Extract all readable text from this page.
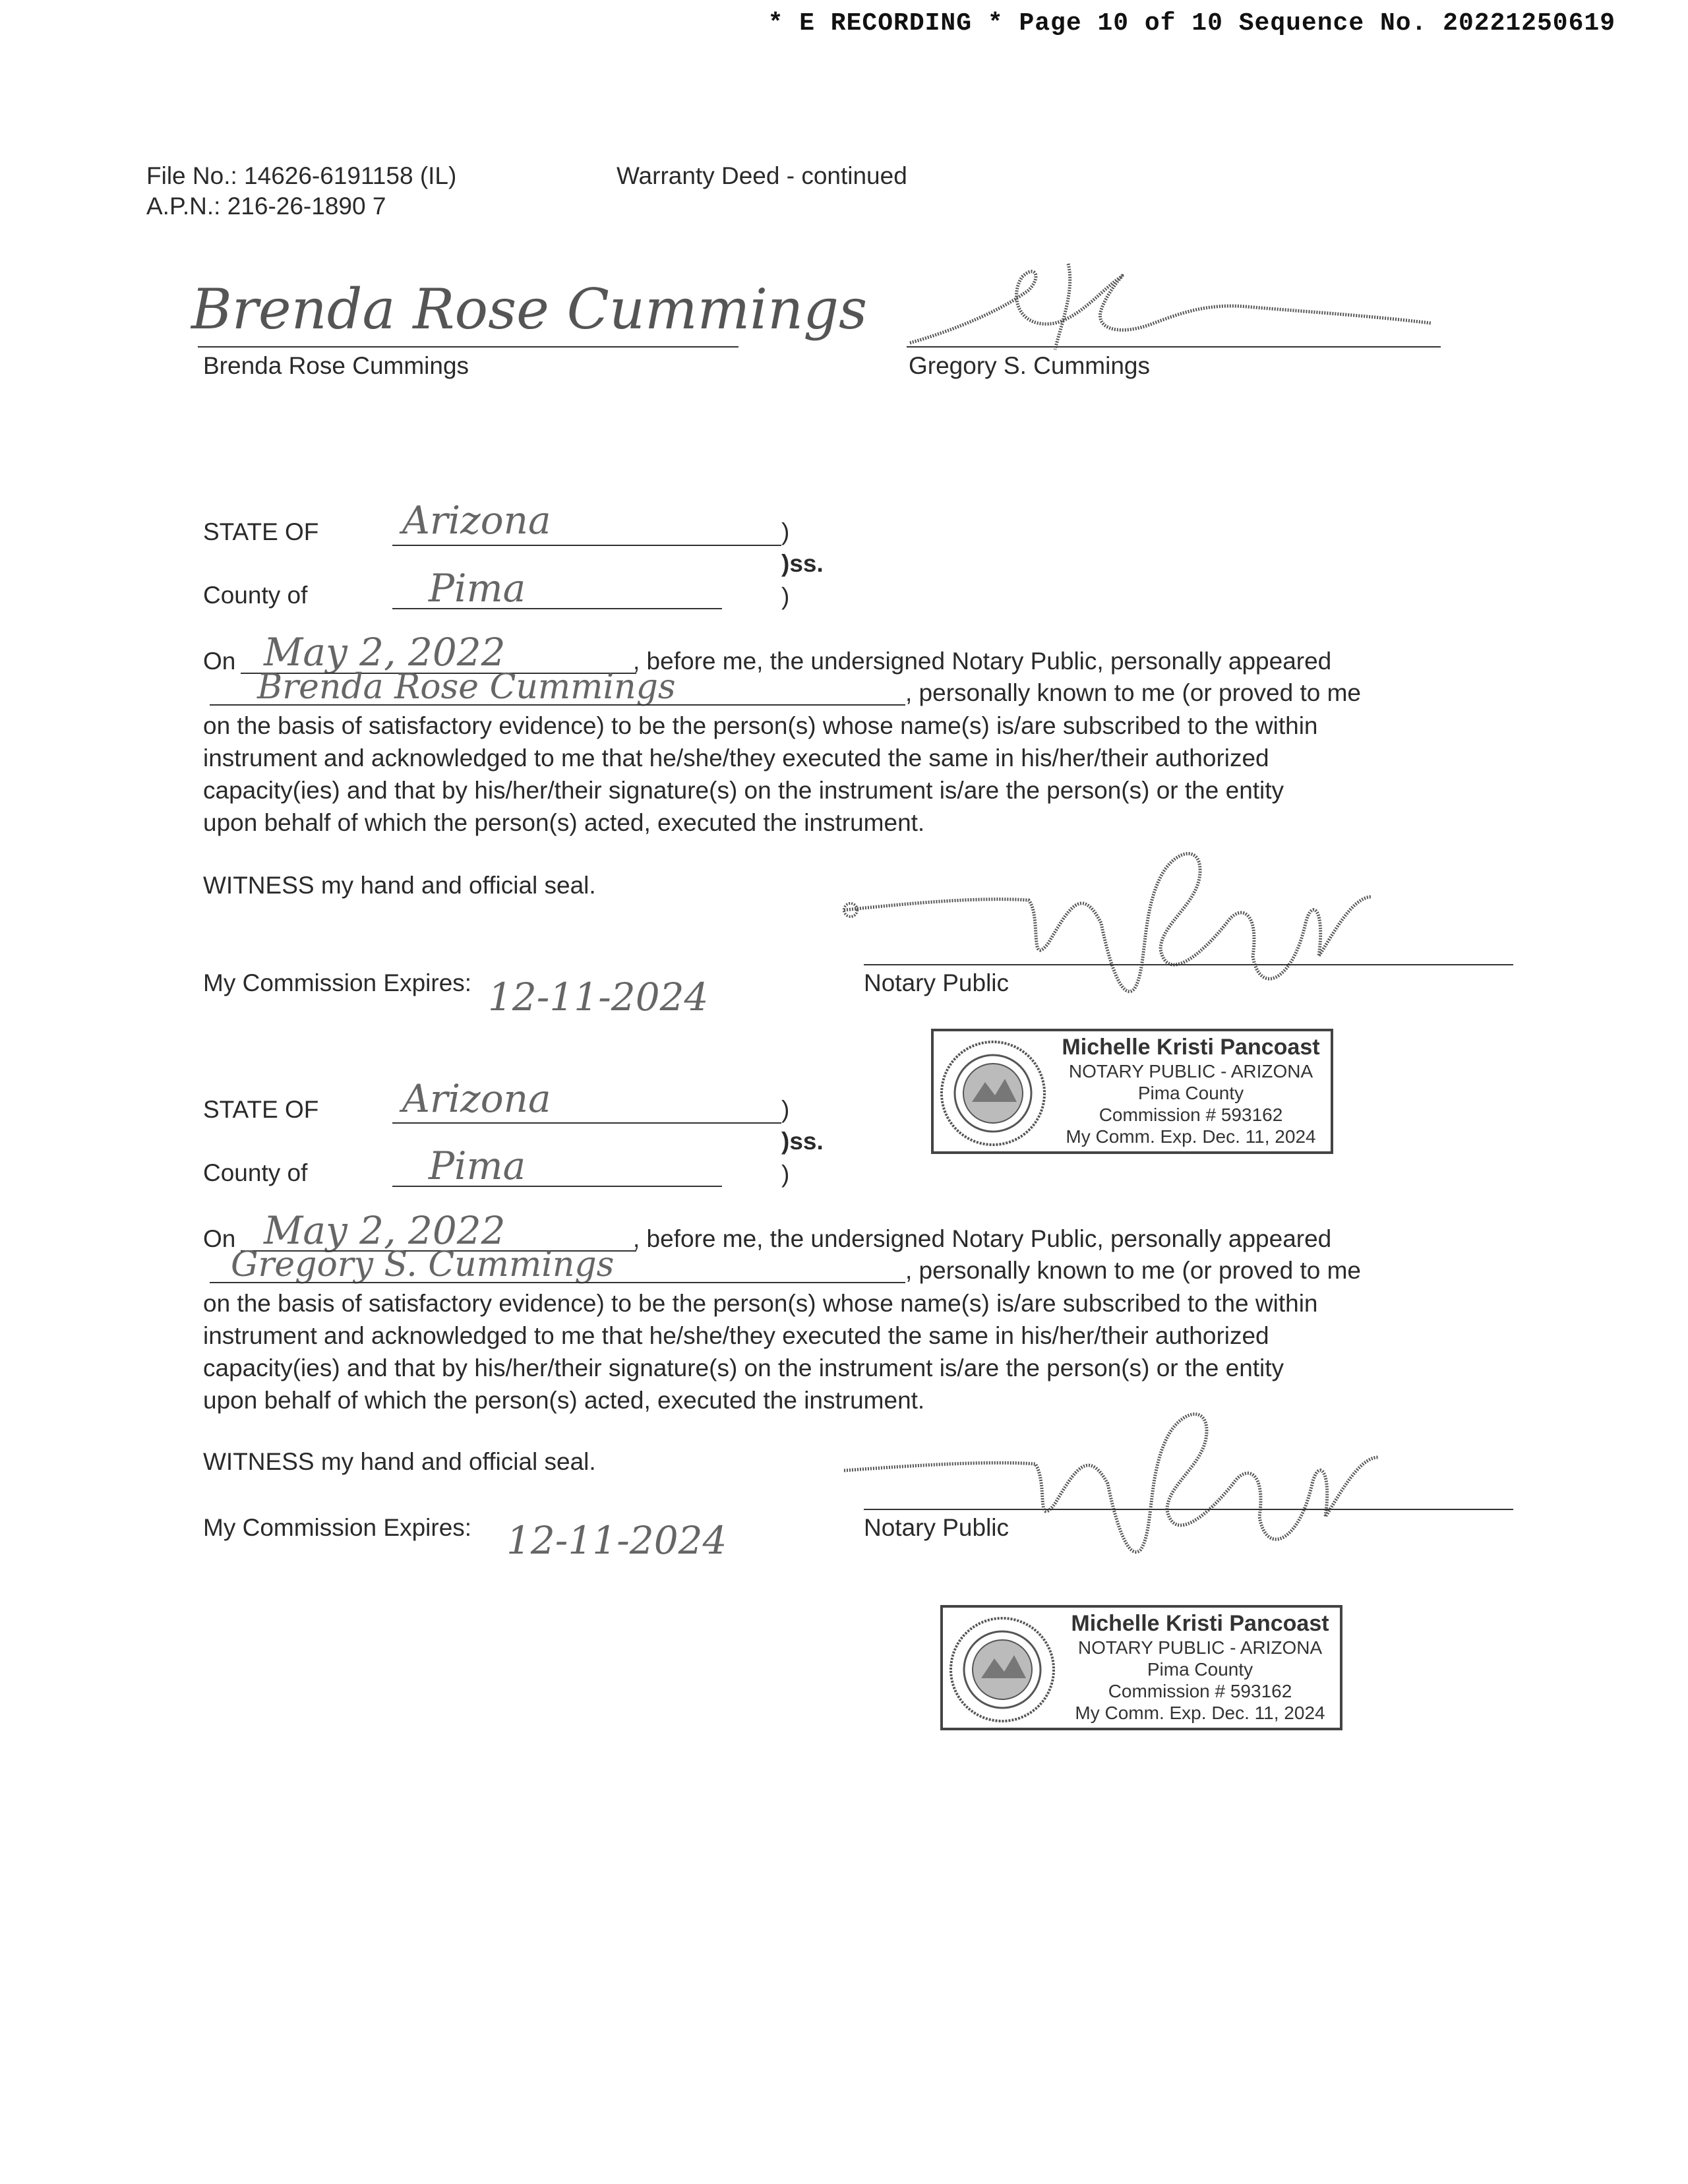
* E RECORDING * Page 10 of 10 Sequence No. 20221250619
File No.: 14626-6191158 (IL)
A.P.N.: 216-26-1890 7
Warranty Deed - continued
Brenda Rose Cummings
Brenda Rose Cummings	Gregory S. Cummings
STATE OF Arizona	)
)ss.
County of	Pima	)
On May 2, 2022	, before me, the undersigned Notary Public, personally appeared
Brenda Rose Cummings	, personally known to me (or proved to me
on the basis of satisfactory evidence) to be the person(s) whose name(s) is/are subscribed to the within
instrument and acknowledged to me that he/she/they executed the same in his/her/their authorized
capacity(ies) and that by his/her/their signature(s) on the instrument is/are the person(s) or the entity
upon behalf of which the person(s) acted, executed the instrument.
WITNESS my hand and official seal.
My Commission Expires: 12-11-2024	Notary Public
Michelle Kristi Pancoast
NOTARY PUBLIC - ARIZONA
Pima County
Commission # 593162
My Comm. Exp. Dec. 11, 2024
STATE OF Arizona	)
)ss.
County of	Pima	)
On May 2, 2022	, before me, the undersigned Notary Public, personally appeared
Gregory S. Cummings	, personally known to me (or proved to me
on the basis of satisfactory evidence) to be the person(s) whose name(s) is/are subscribed to the within
instrument and acknowledged to me that he/she/they executed the same in his/her/their authorized
capacity(ies) and that by his/her/their signature(s) on the instrument is/are the person(s) or the entity
upon behalf of which the person(s) acted, executed the instrument.
WITNESS my hand and official seal.
My Commission Expires: 12-11-2024	Notary Public
Michelle Kristi Pancoast
NOTARY PUBLIC - ARIZONA
Pima County
Commission # 593162
My Comm. Exp. Dec. 11, 2024
